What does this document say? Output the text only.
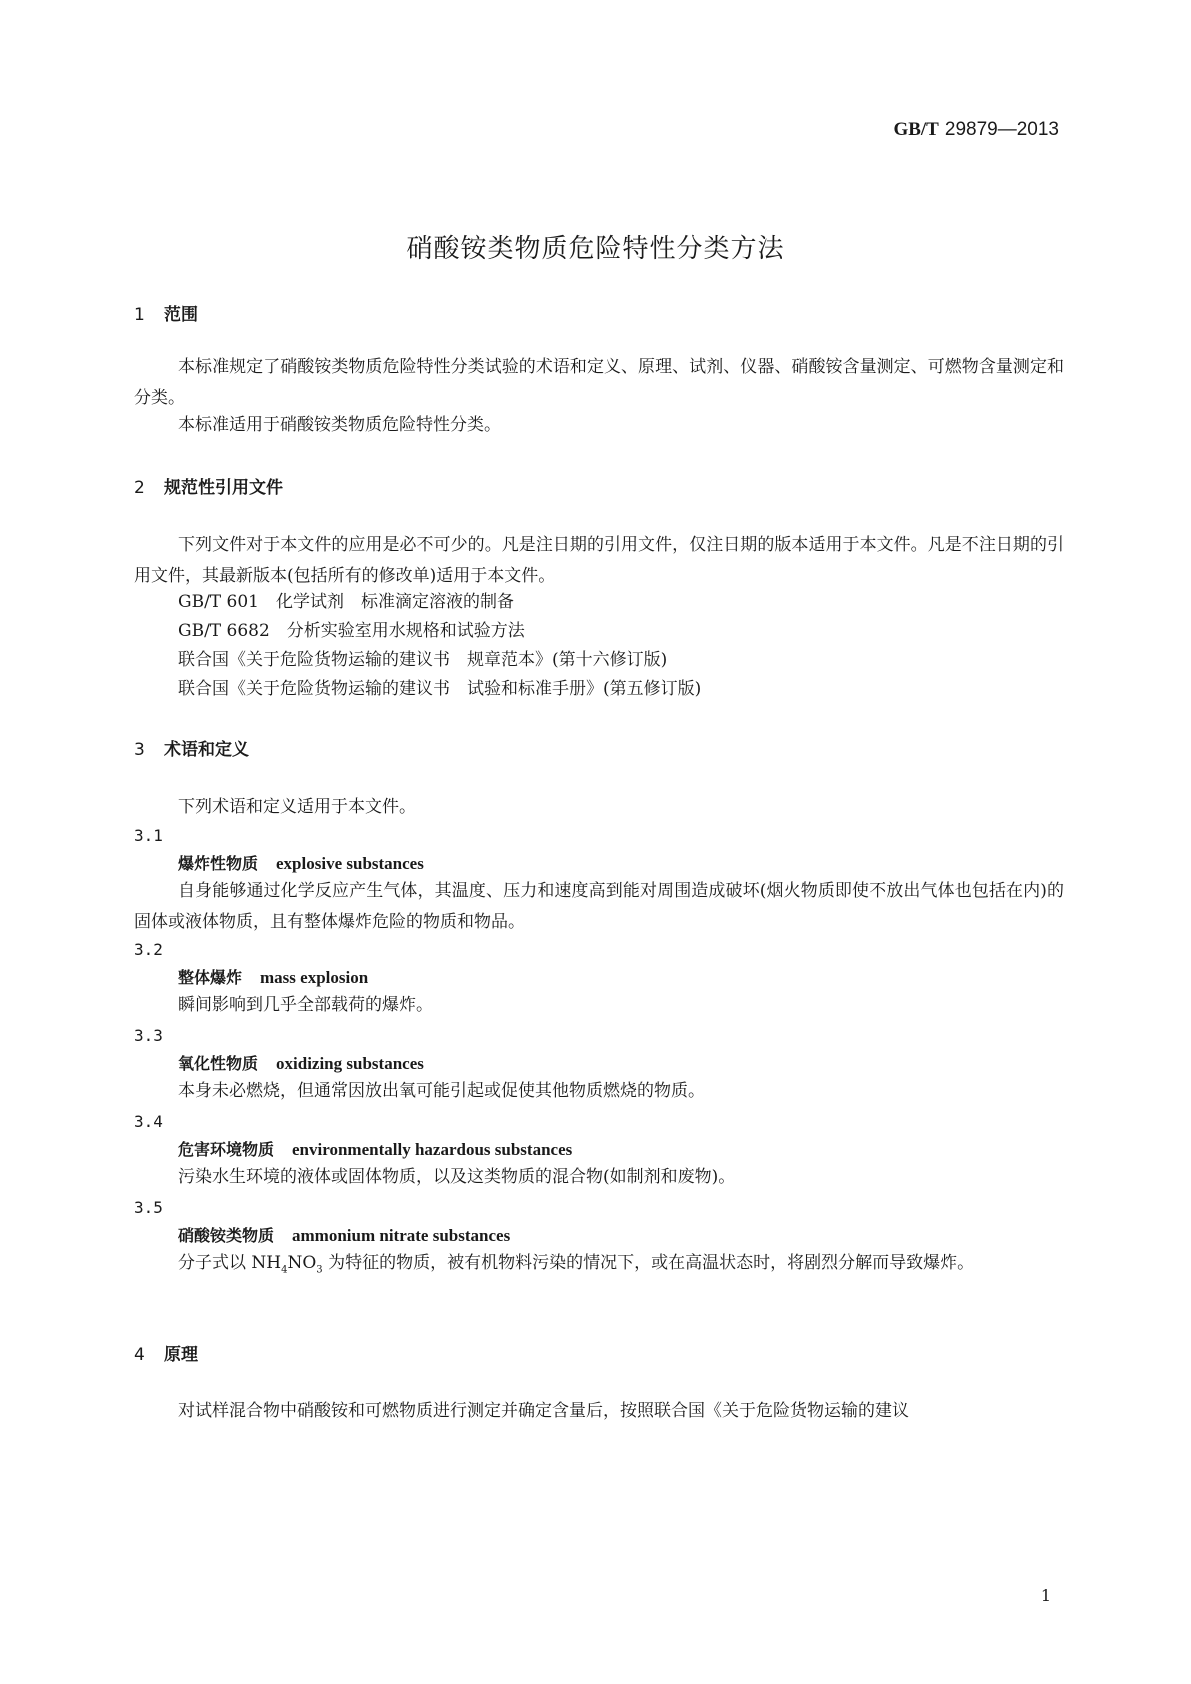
GB/T 29879—2013
硝酸铵类物质危险特性分类方法
1 范围
本标准规定了硝酸铵类物质危险特性分类试验的术语和定义、原理、试剂、仪器、硝酸铵含量测定、可燃物含量测定和分类。
本标准适用于硝酸铵类物质危险特性分类。
2 规范性引用文件
下列文件对于本文件的应用是必不可少的。凡是注日期的引用文件，仅注日期的版本适用于本文件。凡是不注日期的引用文件，其最新版本(包括所有的修改单)适用于本文件。
GB/T 601　化学试剂　标准滴定溶液的制备
GB/T 6682　分析实验室用水规格和试验方法
联合国《关于危险货物运输的建议书　规章范本》(第十六修订版)
联合国《关于危险货物运输的建议书　试验和标准手册》(第五修订版)
3 术语和定义
下列术语和定义适用于本文件。
3.1
爆炸性物质 explosive substances
自身能够通过化学反应产生气体，其温度、压力和速度高到能对周围造成破坏(烟火物质即使不放出气体也包括在内)的固体或液体物质，且有整体爆炸危险的物质和物品。
3.2
整体爆炸 mass explosion
瞬间影响到几乎全部载荷的爆炸。
3.3
氧化性物质 oxidizing substances
本身未必燃烧，但通常因放出氧可能引起或促使其他物质燃烧的物质。
3.4
危害环境物质 environmentally hazardous substances
污染水生环境的液体或固体物质，以及这类物质的混合物(如制剂和废物)。
3.5
硝酸铵类物质 ammonium nitrate substances
分子式以 $NH_4NO_3$ 为特征的物质，被有机物料污染的情况下，或在高温状态时，将剧烈分解而导致爆炸。
4 原理
对试样混合物中硝酸铵和可燃物质进行测定并确定含量后，按照联合国《关于危险货物运输的建议
1
